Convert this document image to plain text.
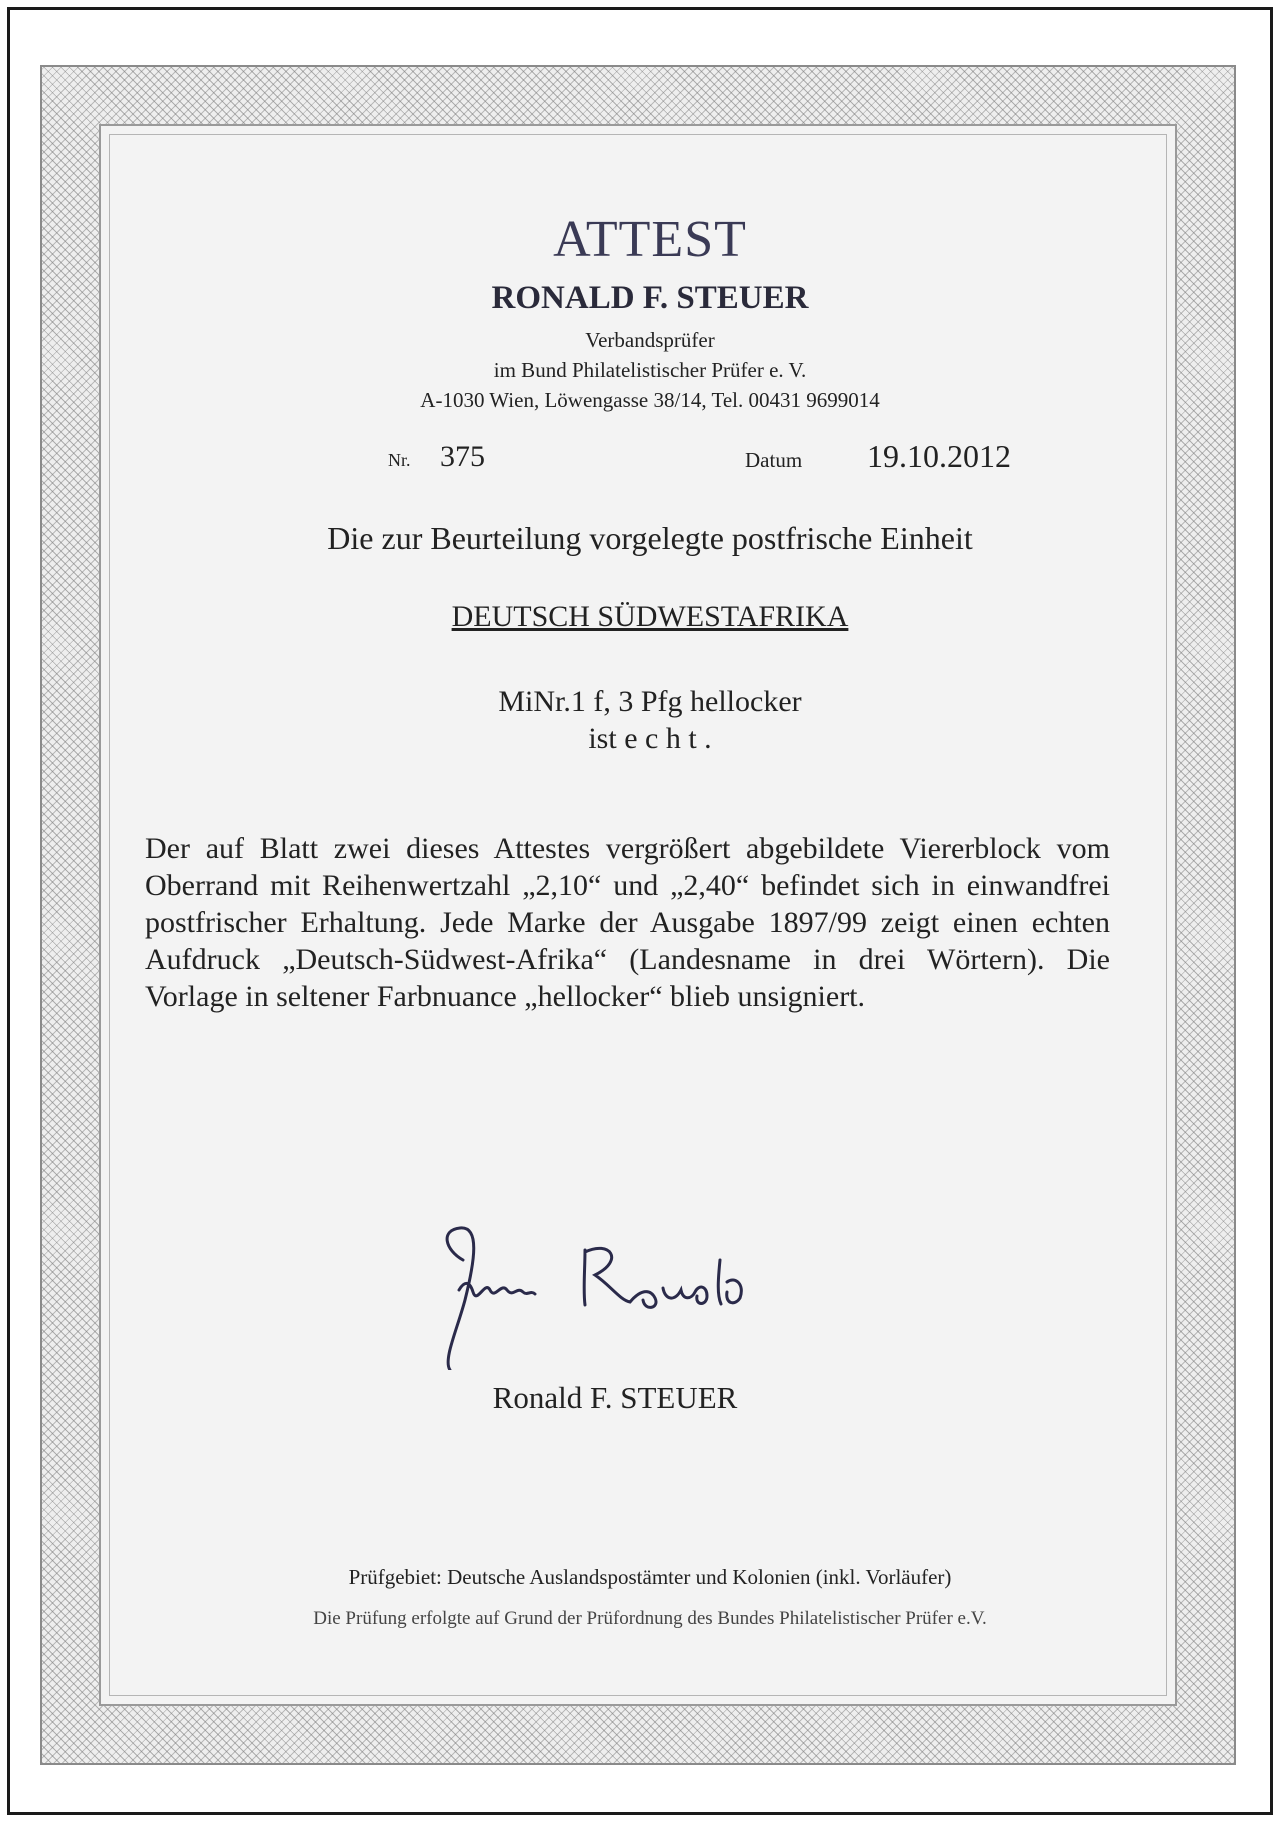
ATTEST
RONALD F. STEUER
Verbandsprüfer
im Bund Philatelistischer Prüfer e. V.
A-1030 Wien, Löwengasse 38/14, Tel. 00431 9699014
Nr. 375	Datum 19.10.2012
Die zur Beurteilung vorgelegte postfrische Einheit
DEUTSCH SÜDWESTAFRIKA
MiNr.1 f, 3 Pfg hellocker
ist e c h t .
Der auf Blatt zwei dieses Attestes vergrößert abgebildete Viererblock vom Oberrand mit Reihenwertzahl „2,10“ und „2,40“ befindet sich in einwandfrei postfrischer Erhaltung. Jede Marke der Ausgabe 1897/99 zeigt einen echten Aufdruck „Deutsch-Südwest-Afrika“ (Landesname in drei Wörtern). Die Vorlage in seltener Farbnuance „hellocker“ blieb unsigniert.
Ronald F. STEUER
Prüfgebiet: Deutsche Auslandspostämter und Kolonien (inkl. Vorläufer)
Die Prüfung erfolgte auf Grund der Prüfordnung des Bundes Philatelistischer Prüfer e.V.
